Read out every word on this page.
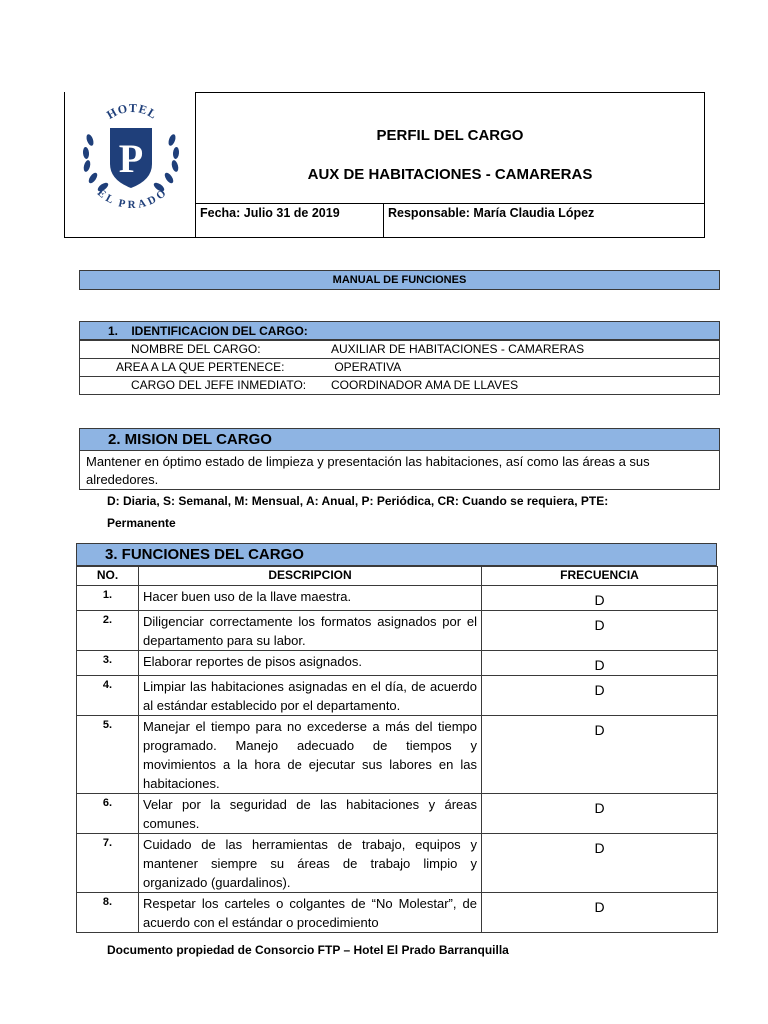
P
HOTEL
EL PRADO
PERFIL DEL CARGO
AUX DE HABITACIONES - CAMARERAS
Fecha: Julio 31 de 2019	Responsable: María Claudia López
MANUAL DE FUNCIONES
1.    IDENTIFICACION DEL CARGO:
NOMBRE DEL CARGO:	AUXILIAR DE HABITACIONES - CAMARERAS
AREA A LA QUE PERTENECE:	OPERATIVA
CARGO DEL JEFE INMEDIATO: COORDINADOR AMA DE LLAVES
2. MISION DEL CARGO
Mantener en óptimo estado de limpieza y presentación las habitaciones, así como las áreas a sus alrededores.
D: Diaria, S: Semanal, M: Mensual, A: Anual, P: Periódica, CR: Cuando se requiera, PTE:
Permanente
3. FUNCIONES DEL CARGO
NO.	DESCRIPCION	FRECUENCIA
1.	Hacer buen uso de la llave maestra.	D
2.	Diligenciar correctamente los formatos asignados por el departamento para su labor.	D
3.	Elaborar reportes de pisos asignados.	D
4.	Limpiar las habitaciones asignadas en el día, de acuerdo al estándar establecido por el departamento.	D
5.	Manejar el tiempo para no excederse a más del tiempo programado. Manejo adecuado de tiempos y movimientos a la hora de ejecutar sus labores en las habitaciones.	D
6.	Velar por la seguridad de las habitaciones y áreas comunes.	D
7.	Cuidado de las herramientas de trabajo, equipos y mantener siempre su áreas de trabajo limpio y organizado (guardalinos).	D
8.	Respetar los carteles o colgantes de “No Molestar”, de acuerdo con el estándar o procedimiento	D
Documento propiedad de Consorcio FTP – Hotel El Prado Barranquilla
